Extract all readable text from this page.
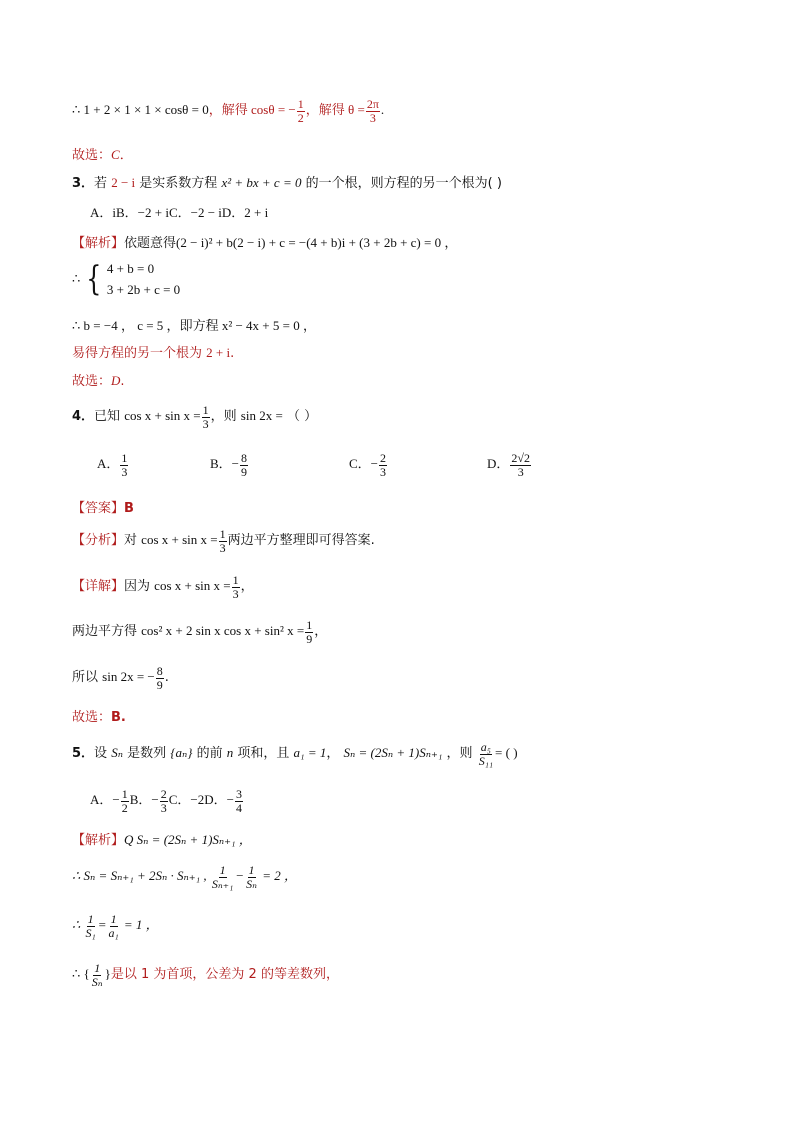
∴ 1 + 2 × 1 × 1 × cosθ = 0，解得 cosθ = − $\frac{1}{2}$ ，解得 $\theta = \frac{2\pi}{3}$ .
故选：C．
3．若 2 − i 是实系数方程 x² + bx + c = 0 的一个根，则方程的另一个根为( )
A．iB．−2 + iC．−2 − iD．2 + i
【解析】依题意得(2 − i)² + b(2 − i) + c = −(4 + b)i + (3 + 2b + c) = 0 ，
∴ { 4 + b = 0
3 + 2b + c = 0
∴ b = −4 ， c = 5 ，即方程 x² − 4x + 5 = 0 ，
易得方程的另一个根为 2 + i.
故选：D.
4．已知 $\cos x + \sin x = \frac{1}{3}$ ，则 sin 2x = （ ）
A． $\frac{1}{3}$	B．− $\frac{8}{9}$	C．− $\frac{2}{3}$	D． $\frac{2√2}{3}$
【答案】B
【分析】对 $\cos x + \sin x = \frac{1}{3}$ 两边平方整理即可得答案.
【详解】因为 $\cos x + \sin x = \frac{1}{3}$ ，
两边平方得 cos² x + 2 sin x cos x + sin² $x = \frac{1}{9}$ ，
所以 sin 2x = − $\frac{8}{9}$ .
故选：B.
5．设 Sₙ 是数列 {aₙ} 的前 n 项和，且 a₁ = 1， Sₙ = (2Sₙ + 1)Sₙ₊₁ ，则 $\frac{\text{a₅}}{\text{S₁₁}}$ = ( )
A．− $\frac{1}{2}$ B．− $\frac{2}{3}$ C．−2D．− $\frac{3}{4}$
【解析】Q Sₙ = (2Sₙ + 1)Sₙ₊₁ ，
∴ Sₙ = Sₙ₊₁ + 2Sₙ · Sₙ₊₁ , $\frac{1}{\text{Sₙ₊₁}} - \frac{1}{\text{Sₙ}} = 2$ ，
∴ $\frac{1}{\text{S₁}} = \frac{1}{\text{a₁}} = 1$ ，
∴ { $\frac{1}{\text{Sₙ}}$ }是以 1 为首项，公差为 2 的等差数列，
